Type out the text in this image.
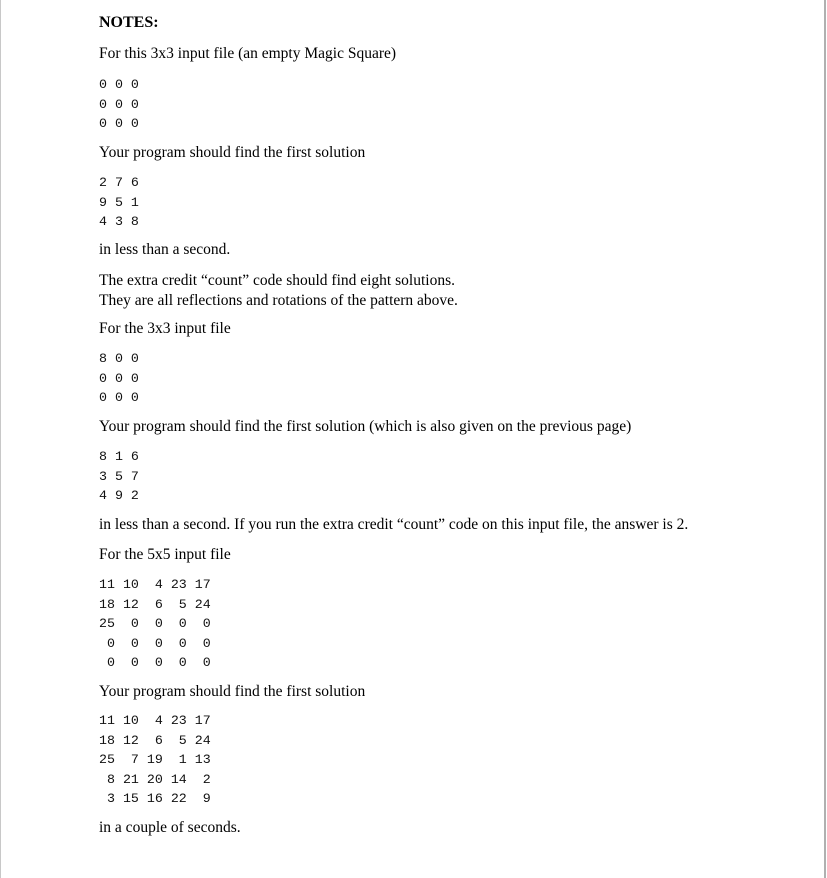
NOTES:
For this 3x3 input file (an empty Magic Square)
0 0 0
0 0 0
0 0 0
Your program should find the first solution
2 7 6
9 5 1
4 3 8
in less than a second.
The extra credit “count” code should find eight solutions.
They are all reflections and rotations of the pattern above.
For the 3x3 input file
8 0 0
0 0 0
0 0 0
Your program should find the first solution (which is also given on the previous page)
8 1 6
3 5 7
4 9 2
in less than a second. If you run the extra credit “count” code on this input file, the answer is 2.
For the 5x5 input file
11 10  4 23 17
18 12  6  5 24
25  0  0  0  0
0  0  0  0  0
0  0  0  0  0
Your program should find the first solution
11 10  4 23 17
18 12  6  5 24
25  7 19  1 13
8 21 20 14  2
3 15 16 22  9
in a couple of seconds.
